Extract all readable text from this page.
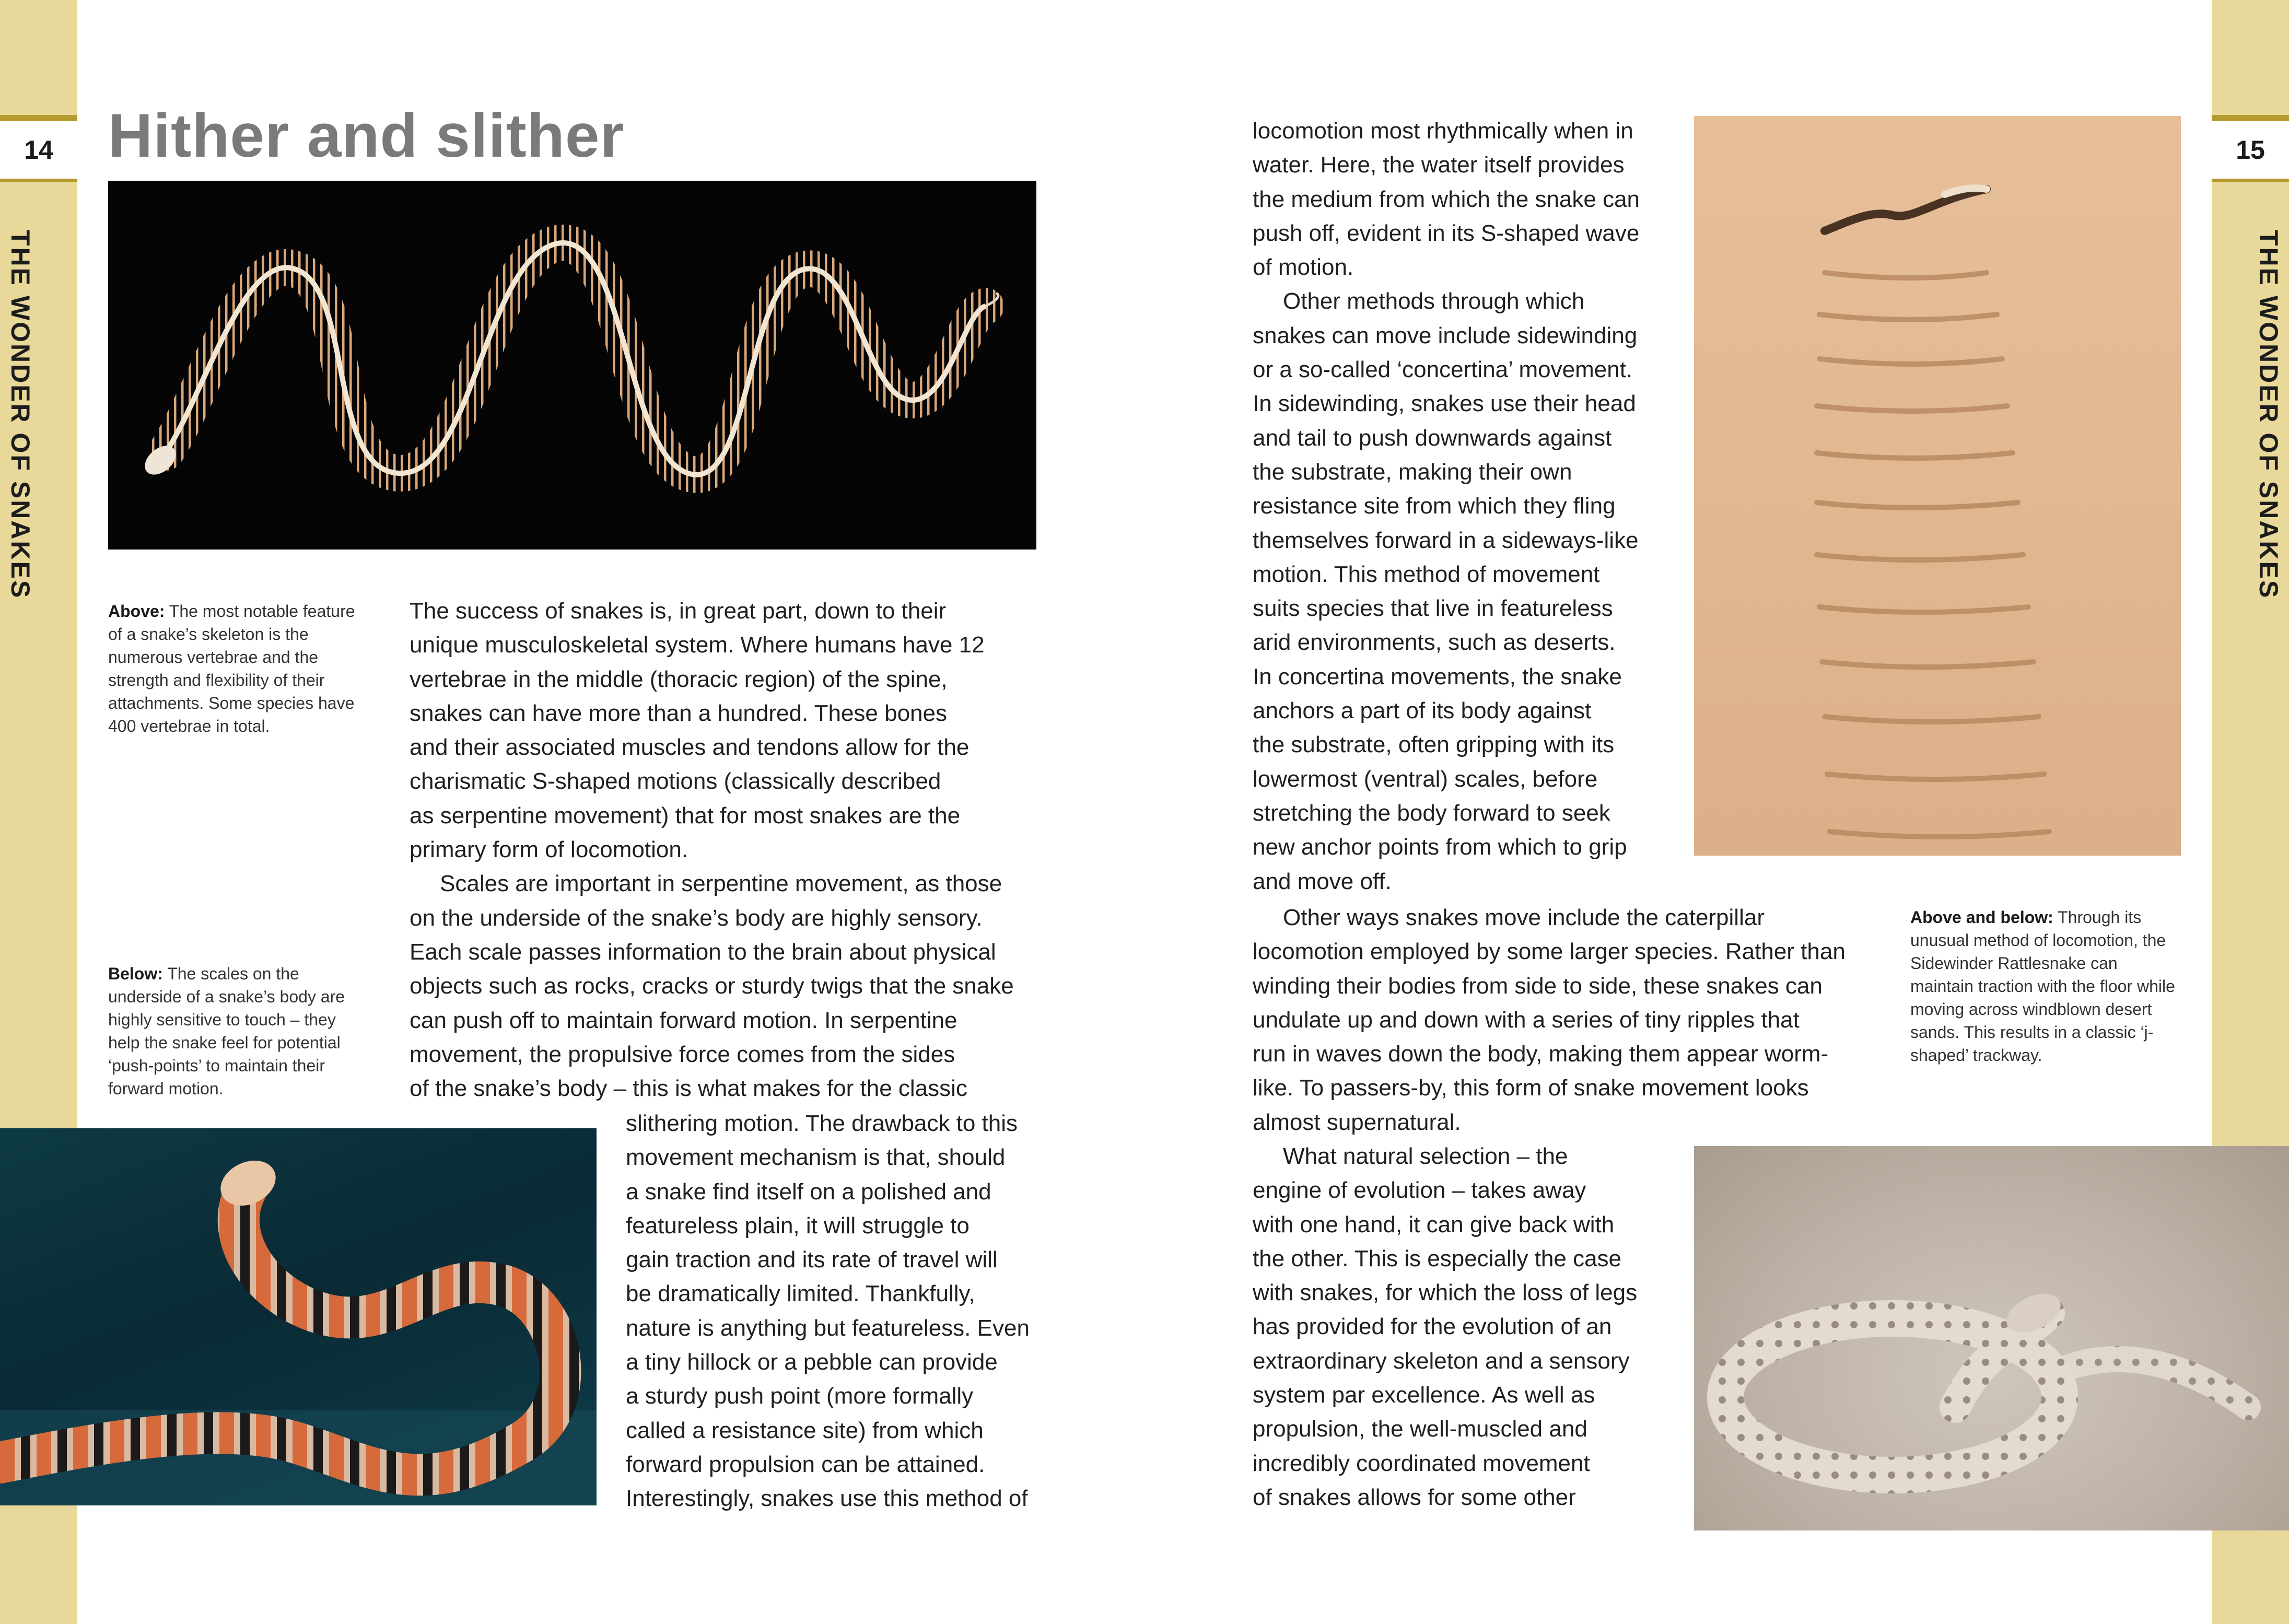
14	15
THE WONDER OF SNAKES	THE WONDER OF SNAKES
Hither and slither
Above: The most notable feature of a snake’s skeleton is the numerous vertebrae and the strength and flexibility of their attachments. Some species have 400 vertebrae in total.
Below: The scales on the underside of a snake’s body are highly sensitive to touch – they help the snake feel for potential ‘push-points’ to maintain their forward motion.

The success of snakes is, in great part, down to their

unique musculoskeletal system. Where humans have 12

vertebrae in the middle (thoracic region) of the spine,

snakes can have more than a hundred. These bones

and their associated muscles and tendons allow for the

charismatic S-shaped motions (classically described

as serpentine movement) that for most snakes are the

primary form of locomotion.

Scales are important in serpentine movement, as those

on the underside of the snake’s body are highly sensory.

Each scale passes information to the brain about physical

objects such as rocks, cracks or sturdy twigs that the snake

can push off to maintain forward motion. In serpentine

movement, the propulsive force comes from the sides

of the snake’s body – this is what makes for the classic

slithering motion. The drawback to this

movement mechanism is that, should

a snake find itself on a polished and

featureless plain, it will struggle to

gain traction and its rate of travel will

be dramatically limited. Thankfully,

nature is anything but featureless. Even

a tiny hillock or a pebble can provide

a sturdy push point (more formally

called a resistance site) from which

forward propulsion can be attained.

Interestingly, snakes use this method of

locomotion most rhythmically when in

water. Here, the water itself provides

the medium from which the snake can

push off, evident in its S-shaped wave

of motion.

Other methods through which

snakes can move include sidewinding

or a so-called ‘concertina’ movement.

In sidewinding, snakes use their head

and tail to push downwards against

the substrate, making their own

resistance site from which they fling

themselves forward in a sideways-like

motion. This method of movement

suits species that live in featureless

arid environments, such as deserts.

In concertina movements, the snake

anchors a part of its body against

the substrate, often gripping with its

lowermost (ventral) scales, before

stretching the body forward to seek

new anchor points from which to grip

and move off.

Other ways snakes move include the caterpillar

locomotion employed by some larger species. Rather than

winding their bodies from side to side, these snakes can

undulate up and down with a series of tiny ripples that

run in waves down the body, making them appear worm-

like. To passers-by, this form of snake movement looks

almost supernatural.

What natural selection – the

engine of evolution – takes away

with one hand, it can give back with

the other. This is especially the case

with snakes, for which the loss of legs

has provided for the evolution of an

extraordinary skeleton and a sensory

system par excellence. As well as

propulsion, the well-muscled and

incredibly coordinated movement

of snakes allows for some other

Above and below: Through its unusual method of locomotion, the Sidewinder Rattlesnake can maintain traction with the floor while moving across windblown desert sands. This results in a classic ‘j-shaped’ trackway.
